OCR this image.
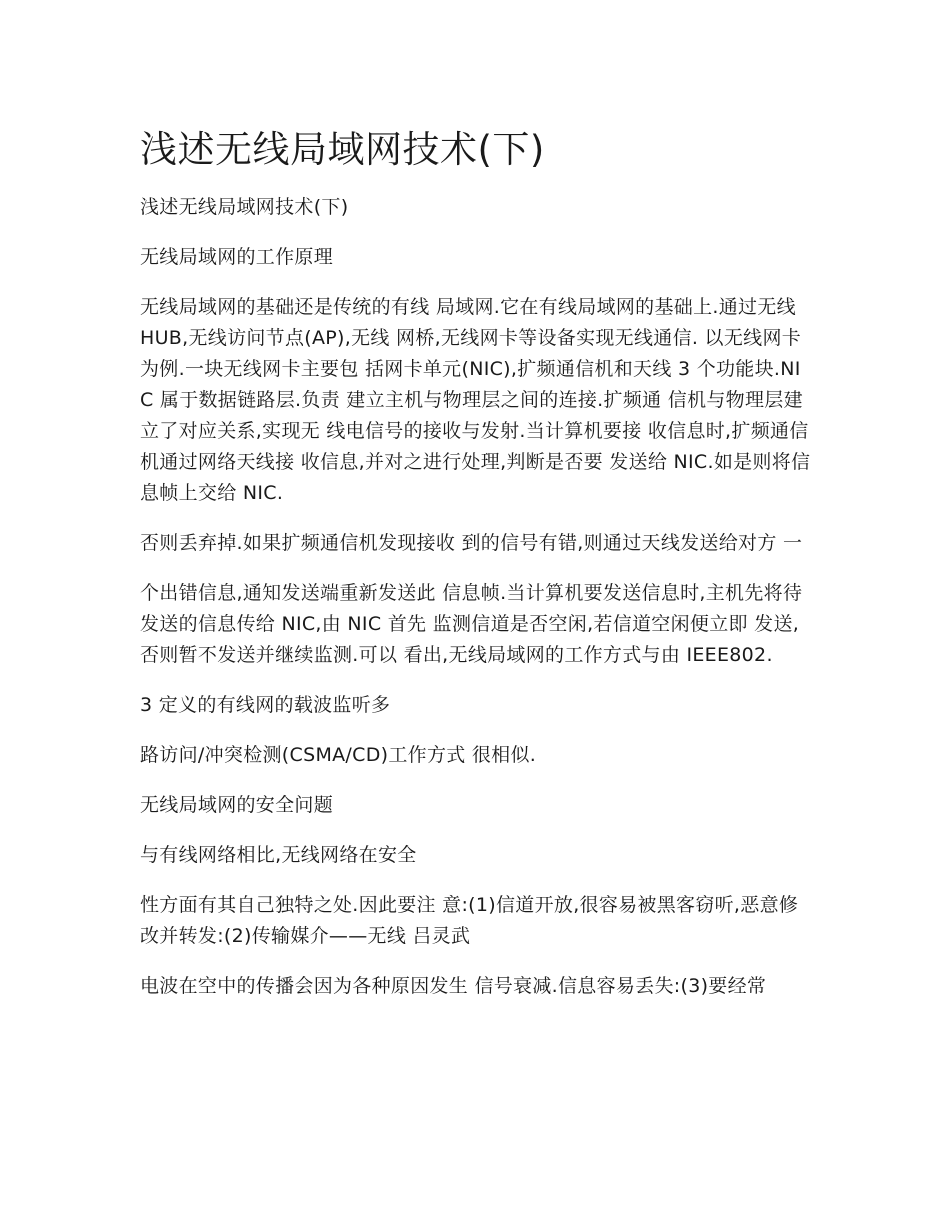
浅述无线局域网技术(下)

浅述无线局域网技术(下)

无线局域网的工作原理

无线局域网的基础还是传统的有线 局域网.它在有线局域网的基础上.通过无线 HUB,无线访问节点(AP),无线 网桥,无线网卡等设备实现无线通信. 以无线网卡为例.一块无线网卡主要包 括网卡单元(NIC),扩频通信机和天线 3 个功能块.NIC 属于数据链路层.负责 建立主机与物理层之间的连接.扩频通 信机与物理层建立了对应关系,实现无 线电信号的接收与发射.当计算机要接 收信息时,扩频通信机通过网络天线接 收信息,并对之进行处理,判断是否要 发送给 NIC.如是则将信息帧上交给 NIC.

否则丢弃掉.如果扩频通信机发现接收 到的信号有错,则通过天线发送给对方 一

个出错信息,通知发送端重新发送此 信息帧.当计算机要发送信息时,主机先将待发送的信息传给 NIC,由 NIC 首先 监测信道是否空闲,若信道空闲便立即 发送,否则暂不发送并继续监测.可以 看出,无线局域网的工作方式与由 IEEE802.

3 定义的有线网的载波监听多

路访问/冲突检测(CSMA/CD)工作方式 很相似.

无线局域网的安全问题

与有线网络相比,无线网络在安全

性方面有其自己独特之处.因此要注 意:(1)信道开放,很容易被黑客窃听,恶意修改并转发:(2)传输媒介——无线 吕灵武

电波在空中的传播会因为各种原因发生 信号衰减.信息容易丢失:(3)要经常
